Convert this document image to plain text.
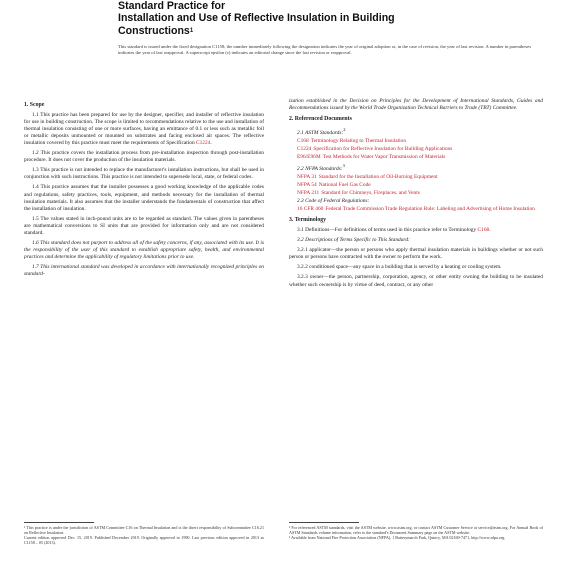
Standard Practice for
Installation and Use of Reflective Insulation in Building
Constructions$^1$
This standard is issued under the fixed designation C1158; the number immediately following the designation indicates the year of original adoption or, in the case of revision, the year of last revision. A number in parentheses indicates the year of last reapproval. A superscript epsilon (ε) indicates an editorial change since the last revision or reapproval.
1. Scope
1.1 This practice has been prepared for use by the designer, specifier, and installer of reflective insulation for use in building construction. The scope is limited to recommendations relative to the use and installation of thermal insulation consisting of one or more surfaces, having an emittance of 0.1 or less such as metallic foil or metallic deposits unmounted or mounted on substrates and facing enclosed air spaces. The reflective insulation covered by this practice must meet the requirements of Specification C1224.
1.2 This practice covers the installation process from pre-installation inspection through post-installation procedure. It does not cover the production of the insulation materials.
1.3 This practice is not intended to replace the manufacturer's installation instructions, but shall be used in conjunction with such instructions. This practice is not intended to supersede local, state, or federal codes.
1.4 This practice assumes that the installer possesses a good working knowledge of the applicable codes and regulations, safety practices, tools, equipment, and methods necessary for the installation of thermal insulation materials. It also assumes that the installer understands the fundamentals of construction that affect the installation of insulation.
1.5 The values stated in inch-pound units are to be regarded as standard. The values given in parentheses are mathematical conversions to SI units that are provided for information only and are not considered standard.
1.6 This standard does not purport to address all of the safety concerns, if any, associated with its use. It is the responsibility of the user of this standard to establish appropriate safety, health, and environmental practices and determine the applicability of regulatory limitations prior to use.
1.7 This international standard was developed in accordance with internationally recognized principles on standard-
ization established in the Decision on Principles for the Development of International Standards, Guides and Recommendations issued by the World Trade Organization Technical Barriers to Trade (TBT) Committee.
2. Referenced Documents
2.1 ASTM Standards:$^2$
C168 Terminology Relating to Thermal Insulation
C1224 Specification for Reflective Insulation for Building Applications
E96/E96M Test Methods for Water Vapor Transmission of Materials
2.2 NFPA Standards:$^3$
NFPA 31 Standard for the Installation of Oil-Burning Equipment
NFPA 54 National Fuel Gas Code
NFPA 211 Standard for Chimneys, Fireplaces, and Vents
2.3 Code of Federal Regulations:
16 CFR 460 Federal Trade Commission Trade Regulation Rule: Labeling and Advertising of Home Insulation
3. Terminology
3.1 Definitions—For definitions of terms used in this practice refer to Terminology C168.
3.2 Descriptions of Terms Specific to This Standard:
3.2.1 applicator—the person or persons who apply thermal insulation materials in buildings whether or not such person or persons have contracted with the owner to perform the work.
3.2.2 conditioned space—any space in a building that is served by a heating or cooling system.
3.2.3 owner—the person, partnership, corporation, agency, or other entity owning the building to be insulated whether such ownership is by virtue of deed, contract, or any other
¹ This practice is under the jurisdiction of ASTM Committee C16 on Thermal Insulation and is the direct responsibility of Subcommittee C16.21 on Reflective Insulation.
Current edition approved Dec. 15, 2019. Published December 2019. Originally approved in 1990. Last previous edition approved in 2013 as C1158 – 05 (2013).
² For referenced ASTM standards, visit the ASTM website, www.astm.org, or contact ASTM Customer Service at service@astm.org. For Annual Book of ASTM Standards volume information, refer to the standard's Document Summary page on the ASTM website.
³ Available from National Fire Protection Association (NFPA), 1 Batterymarch Park, Quincy, MA 02169-7471, http://www.nfpa.org.
